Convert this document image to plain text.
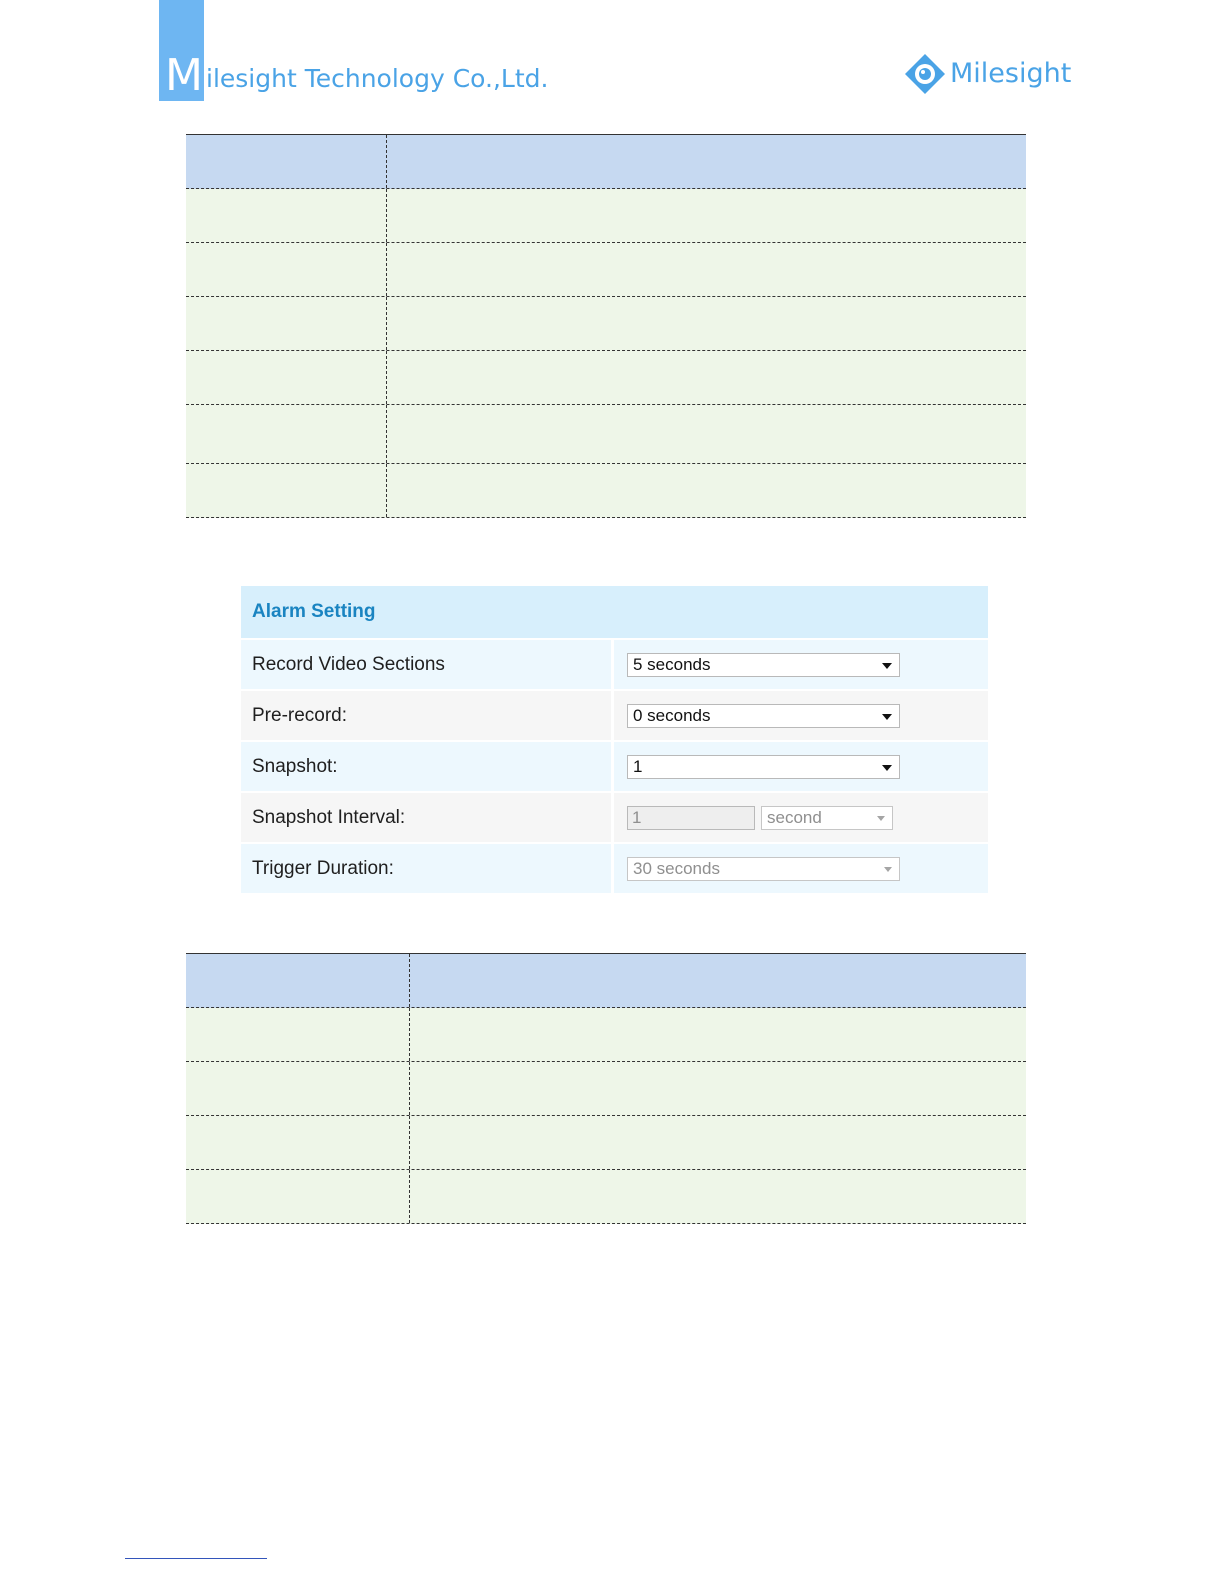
M ilesight Technology Co.,Ltd.	Milesight
Alarm Setting
Record Video Sections	5 seconds
Pre-record:	0 seconds
Snapshot:	1
Snapshot Interval:	1	second
Trigger Duration:	30 seconds
